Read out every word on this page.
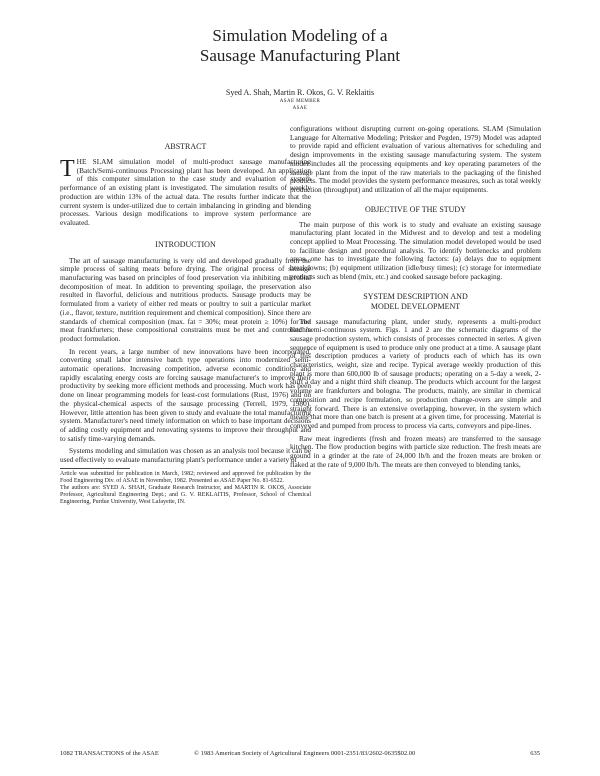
Simulation Modeling of a
Sausage Manufacturing Plant
Syed A. Shah, Martin R. Okos, G. V. Reklaitis
ASAE MEMBER
ASAE
ABSTRACT
THE SLAM simulation model of multi-product sausage manufacturing (Batch/Semi-continuous Processing) plant has been developed. An application of this computer simulation to the case study and evaluation of system performance of an existing plant is investigated. The simulation results of weekly production are within 13% of the actual data. The results further indicate that the current system is under-utilized due to certain imbalancing in grinding and blending processes. Various design modifications to improve system performance are evaluated.
INTRODUCTION

The art of sausage manufacturing is very old and developed gradually from the simple process of salting meats before drying. The original process of sausage manufacturing was based on principles of food preservation via inhibiting microbial decomposition of meat. In addition to preventing spoilage, the preservation also resulted in flavorful, delicious and nutritious products. Sausage products may be formulated from a variety of either red meats or poultry to suit a particular market (i.e., flavor, texture, nutrition requirement and chemical composition). Since there are standards of chemical composition (max. fat = 30%; meat protein ≥ 10%) for red meat frankfurters; these compositional constraints must be met and controlled in product formulation.

In recent years, a large number of new innovations have been incorporated, converting small labor intensive batch type operations into modernized semi-automatic operations. Increasing competition, adverse economic conditions and rapidly escalating energy costs are forcing sausage manufacturer's to improve their productivity by seeking more efficient methods and processing. Much work has been done on linear programming models for least-cost formulations (Rust, 1976) and on the physical-chemical aspects of the sausage processing (Terrell, 1979, 1980). However, little attention has been given to study and evaluate the total manufacturing system. Manufacturer's need timely information on which to base important decisions of adding costly equipment and renovating systems to improve their throughput and to satisfy time-varying demands.

Systems modeling and simulation was chosen as an analysis tool because it can be used effectively to evaluate manufacturing plant's performance under a variety of

Article was submitted for publication in March, 1982; reviewed and approved for publication by the Food Engineering Div. of ASAE in November, 1982. Presented as ASAE Paper No. 81-6522.

The authors are: SYED A. SHAH, Graduate Research Instructor, and MARTIN R. OKOS, Associate Professor, Agricultural Engineering Dept.; and G. V. REKLAITIS, Professor, School of Chemical Engineering, Purdue University, West Lafayette, IN.

configurations without disrupting current on-going operations. SLAM (Simulation Language for Alternative Modeling; Pritsker and Pegden, 1979) Model was adapted to provide rapid and efficient evaluation of various alternatives for scheduling and design improvements in the existing sausage manufacturing system. The system model includes all the processing equipments and key operating parameters of the sausage plant from the input of the raw materials to the packaging of the finished products. The model provides the system performance measures, such as total weekly production (throughput) and utilization of all the major equipments.

OBJECTIVE OF THE STUDY

The main purpose of this work is to study and evaluate an existing sausage manufacturing plant located in the Midwest and to develop and test a modeling concept applied to Meat Processing. The simulation model developed would be used to facilitate design and procedural analysis. To identify bottlenecks and problem areas, one has to investigate the following factors: (a) delays due to equipment breakdowns; (b) equipment utilization (idle/busy times); (c) storage for intermediate products such as blend (mix, etc.) and cooked sausage before packaging.

SYSTEM DESCRIPTION AND
MODEL DEVELOPMENT

The sausage manufacturing plant, under study, represents a multi-product batch/semi-continuous system. Figs. 1 and 2 are the schematic diagrams of the sausage production system, which consists of processes connected in series. A given sequence of equipment is used to produce only one product at a time. A sausage plant of this description produces a variety of products each of which has its own characteristics, weight, size and recipe. Typical average weekly production of this plant is more than 600,000 lb of sausage products; operating on a 5-day a week, 2-shift a day and a night third shift cleanup. The products which account for the largest volume are frankfurters and bologna. The products, mainly, are similar in chemical composition and recipe formulation, so production change-overs are simple and straight forward. There is an extensive overlapping, however, in the system which means that more than one batch is present at a given time, for processing. Material is conveyed and pumped from process to process via carts, conveyors and pipe-lines.

Raw meat ingredients (fresh and frozen meats) are transferred to the sausage kitchen. The flow production begins with particle size reduction. The fresh meats are ground in a grinder at the rate of 24,000 lb/h and the frozen meats are broken or flaked at the rate of 9,000 lb/h. The meats are then conveyed to blending tanks,

1082 TRANSACTIONS of the ASAE	© 1983 American Society of Agricultural Engineers 0001-2351/83/2602-0635$02.00	635
